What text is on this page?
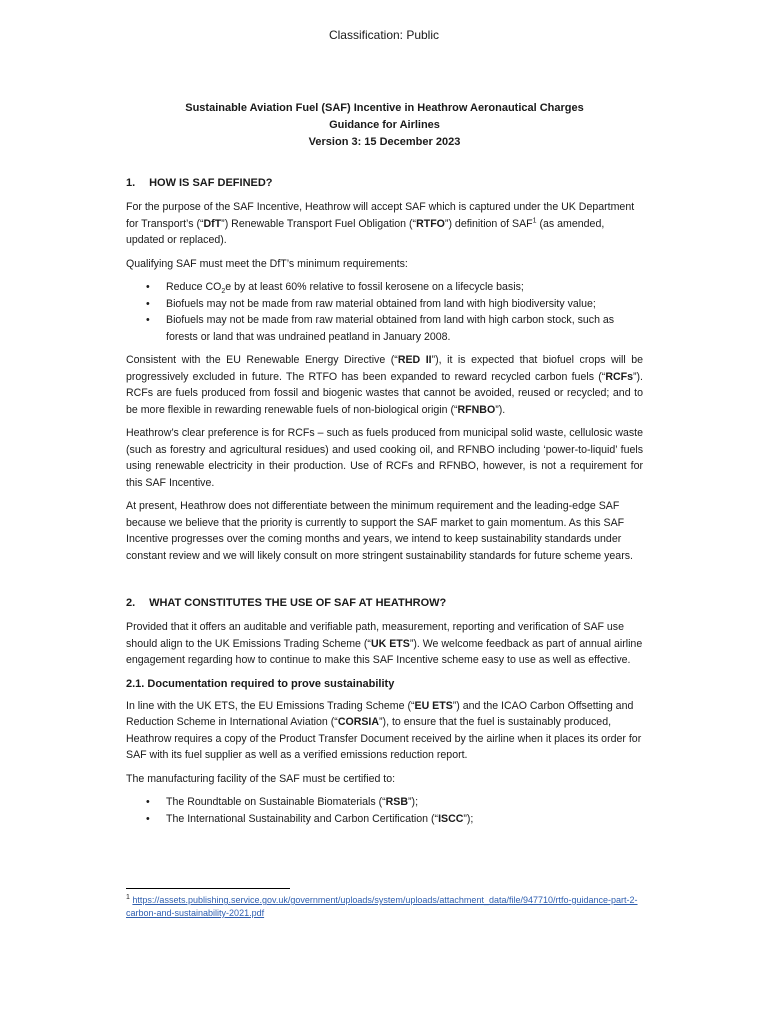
Classification: Public
Sustainable Aviation Fuel (SAF) Incentive in Heathrow Aeronautical Charges
Guidance for Airlines
Version 3: 15 December 2023
1. HOW IS SAF DEFINED?

For the purpose of the SAF Incentive, Heathrow will accept SAF which is captured under the UK Department for Transport’s (“DfT”) Renewable Transport Fuel Obligation (“RTFO”) definition of SAF$^1$ (as amended, updated or replaced).

Qualifying SAF must meet the DfT’s minimum requirements:

• Reduce $CO_2e$ by at least 60% relative to fossil kerosene on a lifecycle basis;
• Biofuels may not be made from raw material obtained from land with high biodiversity value;
• Biofuels may not be made from raw material obtained from land with high carbon stock, such as forests or land that was undrained peatland in January 2008.

Consistent with the EU Renewable Energy Directive (“RED II”), it is expected that biofuel crops will be progressively excluded in future. The RTFO has been expanded to reward recycled carbon fuels (“RCFs”). RCFs are fuels produced from fossil and biogenic wastes that cannot be avoided, reused or recycled; and to be more flexible in rewarding renewable fuels of non-biological origin (“RFNBO”).

Heathrow’s clear preference is for RCFs – such as fuels produced from municipal solid waste, cellulosic waste (such as forestry and agricultural residues) and used cooking oil, and RFNBO including ‘power-to-liquid’ fuels using renewable electricity in their production. Use of RCFs and RFNBO, however, is not a requirement for this SAF Incentive.

At present, Heathrow does not differentiate between the minimum requirement and the leading-edge SAF because we believe that the priority is currently to support the SAF market to gain momentum. As this SAF Incentive progresses over the coming months and years, we intend to keep sustainability standards under constant review and we will likely consult on more stringent sustainability standards for future scheme years.

2. WHAT CONSTITUTES THE USE OF SAF AT HEATHROW?

Provided that it offers an auditable and verifiable path, measurement, reporting and verification of SAF use should align to the UK Emissions Trading Scheme (“UK ETS”). We welcome feedback as part of annual airline engagement regarding how to continue to make this SAF Incentive scheme easy to use as well as effective.

2.1. Documentation required to prove sustainability

In line with the UK ETS, the EU Emissions Trading Scheme (“EU ETS”) and the ICAO Carbon Offsetting and Reduction Scheme in International Aviation (“CORSIA”), to ensure that the fuel is sustainably produced, Heathrow requires a copy of the Product Transfer Document received by the airline when it places its order for SAF with its fuel supplier as well as a verified emissions reduction report.

The manufacturing facility of the SAF must be certified to:

• The Roundtable on Sustainable Biomaterials (“RSB”);
• The International Sustainability and Carbon Certification (“ISCC”);
$^1$ https://assets.publishing.service.gov.uk/government/uploads/system/uploads/attachment_data/file/947710/rtfo-guidance-part-2-carbon-and-sustainability-2021.pdf
